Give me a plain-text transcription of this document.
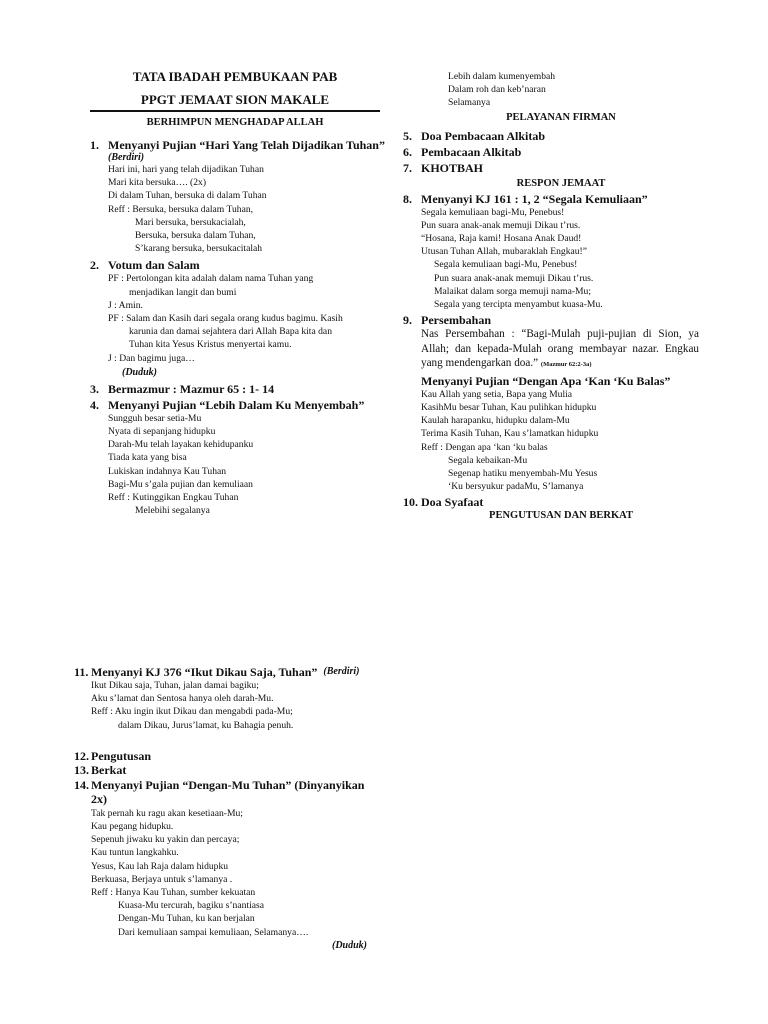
TATA IBADAH PEMBUKAAN PAB
PPGT JEMAAT SION MAKALE
BERHIMPUN MENGHADAP ALLAH
1. Menyanyi Pujian “Hari Yang Telah Dijadikan Tuhan”
(Berdiri)
Hari ini, hari yang telah dijadikan Tuhan
Mari kita bersuka…. (2x)
Di dalam Tuhan, bersuka di dalam Tuhan
Reff : Bersuka, bersuka dalam Tuhan,
Mari bersuka, bersukacialah,
Bersuka, bersuka dalam Tuhan,
S’karang bersuka, bersukacitalah
2. Votum dan Salam
PF : Pertolongan kita adalah dalam nama Tuhan yang
menjadikan langit dan bumi
J : Amin.
PF : Salam dan Kasih dari segala orang kudus bagimu. Kasih
karunia dan damai sejahtera dari Allah Bapa kita dan
Tuhan kita Yesus Kristus menyertai kamu.
J : Dan bagimu juga…
(Duduk)
3. Bermazmur : Mazmur 65 : 1- 14
4. Menyanyi Pujian “Lebih Dalam Ku Menyembah”
Sungguh besar setia-Mu
Nyata di sepanjang hidupku
Darah-Mu telah layakan kehidupanku
Tiada kata yang bisa
Lukiskan indahnya Kau Tuhan
Bagi-Mu s’gala pujian dan kemuliaan
Reff : Kutinggikan Engkau Tuhan
Melebihi segalanya
Lebih dalam kumenyembah
Dalam roh dan keb’naran
Selamanya
PELAYANAN FIRMAN
5. Doa Pembacaan Alkitab
6. Pembacaan Alkitab
7. KHOTBAH
RESPON JEMAAT
8. Menyanyi KJ 161 : 1, 2 “Segala Kemuliaan”
Segala kemuliaan bagi-Mu, Penebus!
Pun suara anak-anak memuji Dikau t’rus.
“Hosana, Raja kami! Hosana Anak Daud!
Utusan Tuhan Allah, mubaraklah Engkau!”
Segala kemuliaan bagi-Mu, Penebus!
Pun suara anak-anak memuji Dikau t’rus.
Malaikat dalam sorga memuji nama-Mu;
Segala yang tercipta menyambut kuasa-Mu.
9. Persembahan
Nas Persembahan : “Bagi-Mulah puji-pujian di Sion, ya Allah; dan kepada-Mulah orang membayar nazar. Engkau yang mendengarkan doa.” (Mazmur 62:2-3a)
Menyanyi Pujian “Dengan Apa ‘Kan ‘Ku Balas”
Kau Allah yang setia, Bapa yang Mulia
KasihMu besar Tuhan, Kau pulihkan hidupku
Kaulah harapanku, hidupku dalam-Mu
Terima Kasih Tuhan, Kau s’lamatkan hidupku
Reff : Dengan apa ‘kan ‘ku balas
Segala kebaikan-Mu
Segenap hatiku menyembah-Mu Yesus
‘Ku bersyukur padaMu, S’lamanya
10. Doa Syafaat
PENGUTUSAN DAN BERKAT
11. Menyanyi KJ 376 “Ikut Dikau Saja, Tuhan” (Berdiri)
Ikut Dikau saja, Tuhan, jalan damai bagiku;
Aku s’lamat dan Sentosa hanya oleh darah-Mu.
Reff : Aku ingin ikut Dikau dan mengabdi pada-Mu;
dalam Dikau, Jurus’lamat, ku Bahagia penuh.
12. Pengutusan
13. Berkat
14. Menyanyi Pujian “Dengan-Mu Tuhan” (Dinyanyikan
2x)
Tak pernah ku ragu akan kesetiaan-Mu;
Kau pegang hidupku.
Sepenuh jiwaku ku yakin dan percaya;
Kau tuntun langkahku.
Yesus, Kau lah Raja dalam hidupku
Berkuasa, Berjaya untuk s’lamanya .
Reff : Hanya Kau Tuhan, sumber kekuatan
Kuasa-Mu tercurah, bagiku s’nantiasa
Dengan-Mu Tuhan, ku kan berjalan
Dari kemuliaan sampai kemuliaan, Selamanya….
(Duduk)
